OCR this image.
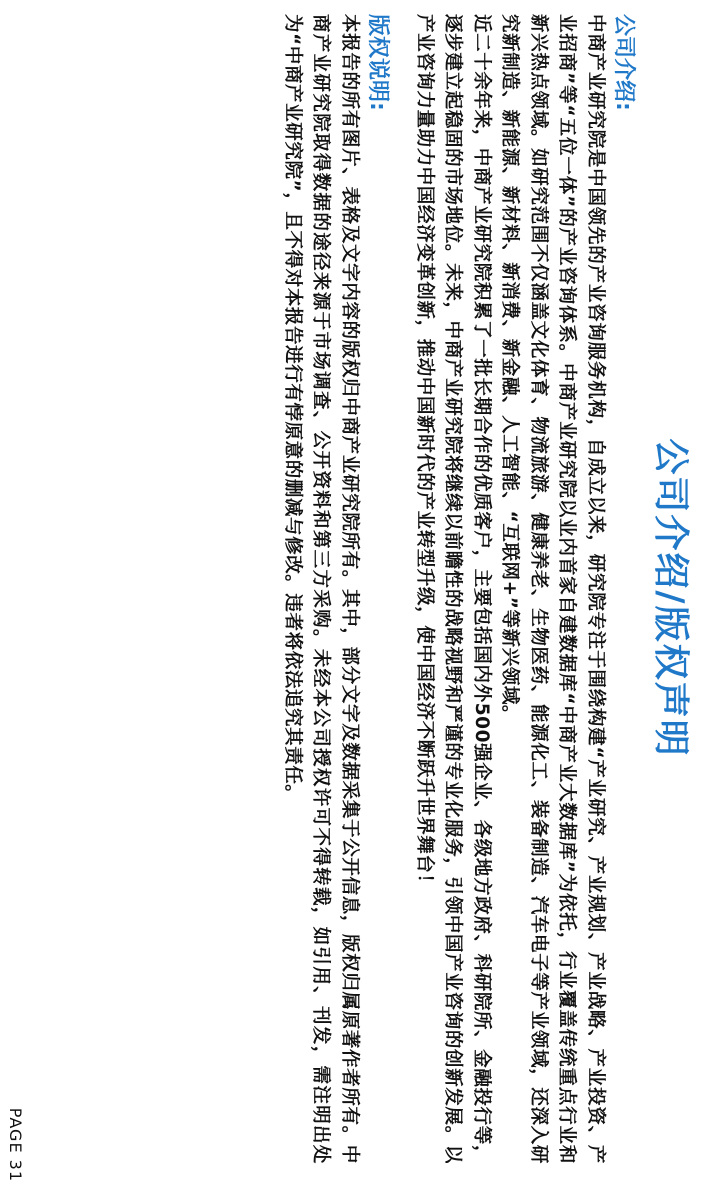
公司介绍/版权声明
公司介绍:
中商产业研究院是中国领先的产业咨询服务机构，自成立以来，研究院专注于围绕构建“产业研究、产业规划、产业战略、产业投资、产业招商”等“五位一体”的产业咨询体系。中商产业研究院以业内首家自建数据库“中商产业大数据库”为依托，行业覆盖传统重点行业和新兴热点领域。如研究范围不仅涵盖文化体育、物流旅游、健康养老、生物医药、能源化工、装备制造、汽车电子等产业领域，还深入研究新制造、新能源、新材料、新消费、新金融、人工智能、“互联网+”等新兴领域。
近二十余年来，中商产业研究院积累了一批长期合作的优质客户，主要包括国内外500强企业、各级地方政府、科研院所、金融投行等，逐步建立起稳固的市场地位。未来，中商产业研究院将继续以前瞻性的战略视野和严谨的专业化服务，引领中国产业咨询的创新发展。以产业咨询力量助力中国经济变革创新，推动中国新时代的产业转型升级，使中国经济不断跃升世界舞台！
版权说明:
本报告的所有图片、表格及文字内容的版权归中商产业研究院所有。其中，部分文字及数据采集于公开信息，版权归属原著作者所有。中商产业研究院取得数据的途径来源于市场调查、公开资料和第三方采购。未经本公司授权许可不得转载，如引用、刊发，需注明出处为“中商产业研究院”，且不得对本报告进行有悖原意的删减与修改。违者将依法追究其责任。
PAGE 31
